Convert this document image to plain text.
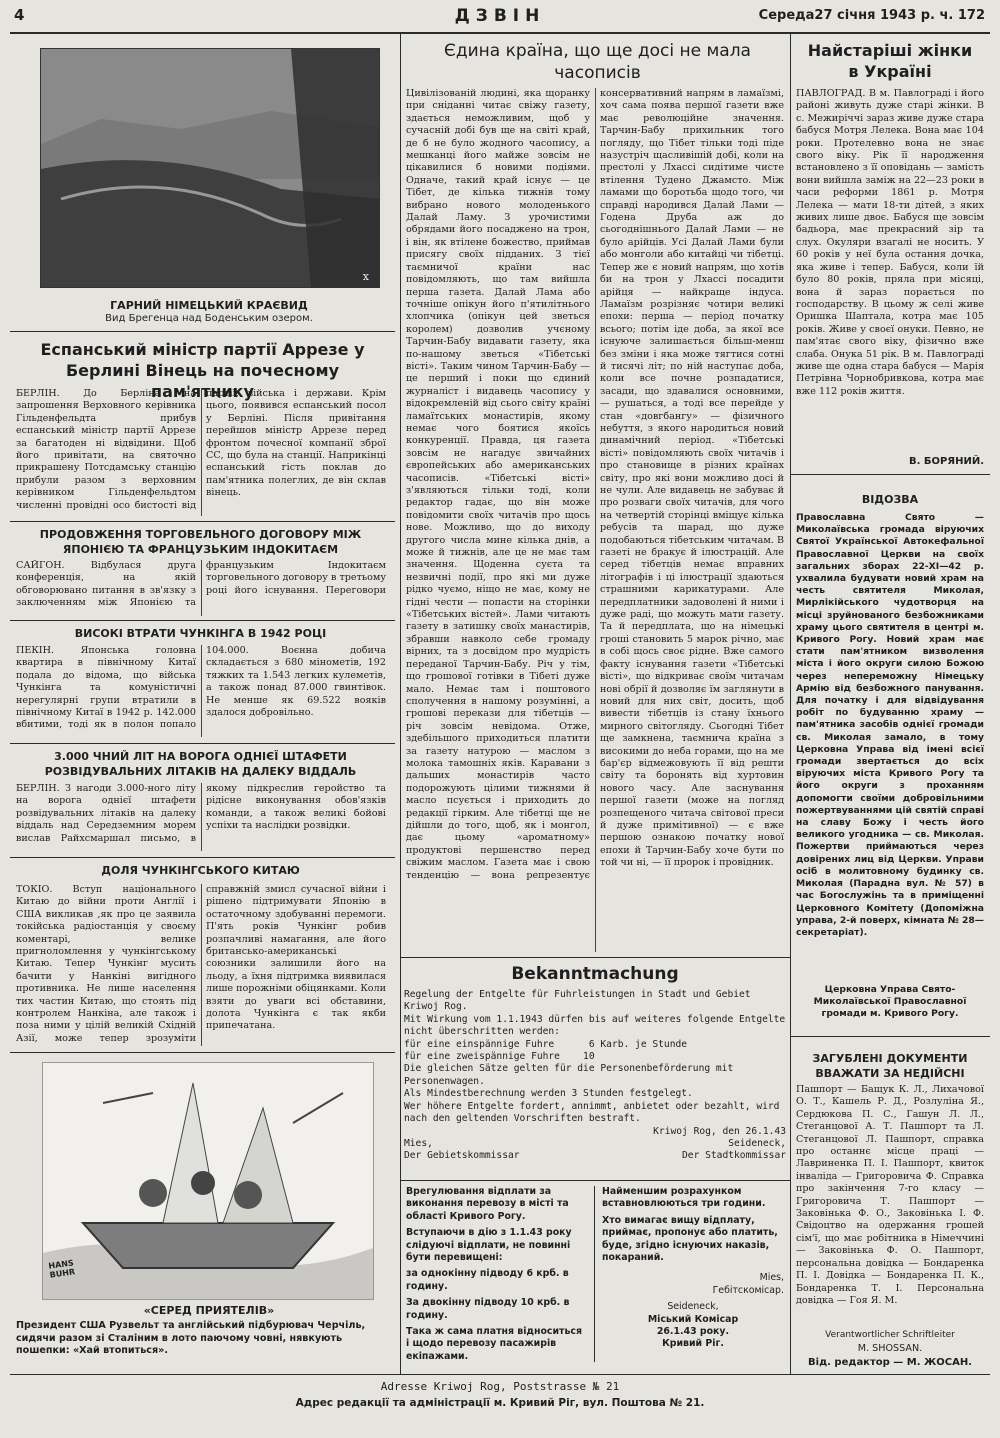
4	ДЗВІН	Середа27 січня 1943 р. ч. 172
x
ГАРНИЙ НІМЕЦЬКИЙ КРАЄВИД
Вид Брегенца над Боденським озером.
Еспанський міністр партії Аррезе у Берлині Вінець на почесному пам'ятнику
БЕРЛІН. До Берліна на запрошення Верховного керівника Гільденфельдта прибув еспанський міністр партії Аррезе за багатоден ні відвідини. Щоб його привітати, на святочно прикрашену Потсдамську станцію прибули разом з верховним керівником Гільденфельдтом численні провідні осо бистості від партії, війська і держави. Крім цього, появився еспанський посол у Берліні. Після привітання перейшов міністр Аррезе перед фронтом почесної компанії зброї СС, що була на станції. Наприкінці еспанський гість поклав до пам'ятника полеглих, де він склав вінець.
ПРОДОВЖЕННЯ ТОРГОВЕЛЬНОГО ДОГОВОРУ МІЖ ЯПОНІЄЮ ТА ФРАНЦУЗЬКИМ ІНДОКИТАЄМ
САЙГОН. Відбулася друга конференція, на якій обговорювано питання в зв'язку з заключенням між Японією та французьким Індокитаєм торговельного договору в третьому році його існування. Переговори
ВИСОКІ ВТРАТИ ЧУНКІНГА В 1942 РОЦІ
ПЕКІН. Японська головна квартира в північному Китаї подала до відома, що війська Чункінга та комуністичні нерегулярні групи втратили в північному Китаї в 1942 р. 142.000 вбитими, тоді як в полон попало 104.000. Воєнна добича складається з 680 мінометів, 192 тяжких та 1.543 легких кулеметів, а також понад 87.000 гвинтівок. Не менше як 69.522 вояків здалося добровільно.
3.000 ЧНИЙ ЛІТ НА ВОРОГА ОДНІЄЇ ШТАФЕТИ РОЗВІДУВАЛЬНИХ ЛІТАКІВ НА ДАЛЕКУ ВІДДАЛЬ
БЕРЛІН. З нагоди 3.000-ного літу на ворога однієї штафети розвідувальних літаків на далеку віддаль над Середземним морем вислав Райхсмаршал письмо, в якому підкреслив геройство та рідісне виконування обов'язків команди, а також великі бойові успіхи та наслідки розвідки.
ДОЛЯ ЧУНКІНГСЬКОГО КИТАЮ
ТОКІО. Вступ національного Китаю до війни проти Англії і США викликав ,як про це заявила токійська радіостанція у своєму коментарі, велике пригноломлення у чункінгському Китаю. Тепер Чункінг мусить бачити у Нанкіні вигідного противника. Не лише населення тих частин Китаю, що стоять під контролем Нанкіна, але також і поза ними у цілій великій Східній Азії, може тепер зрозуміти справжній змисл сучасної війни і рішено підтримувати Японію в остаточному здобуванні перемоги. П'ять років Чункінг робив розпачливі намагання, але його британсько-американські союзники залишили його на льоду, а їхня підтримка виявилася лише порожніми обіцянками. Коли взяти до уваги всі обставини, долота Чункінга є так якби припечатана.
HANS BUHR
«СЕРЕД ПРИЯТЕЛІВ»
Президент США Рузвельт та англійський підбурювач Черчіль, сидячи разом зі Сталіним в лото паючому човні, нявкують пошепки: «Хай втопиться».
Єдина країна, що ще досі не мала часописів
Цивілізованій людині, яка щоранку при сніданні читає свіжу газету, здається неможливим, щоб у сучасній добі був ще на світі край, де б не було жодного часопису, а мешканці його майже зовсім не цікавилися б новими подіями. Одначе, такий край існує — це Тібет, де кілька тижнів тому вибрано нового молоденького Далай Ламу. З урочистими обрядами його посаджено на трон, і він, як втілене божество, приймав присягу своїх підданих. З тієї таємничої країни нас повідомляють, що там вийшла перша газета. Далай Лама або точніше опікун його п'ятилітнього хлопчика (опікун цей зветься королем) дозволив учєному Тарчин-Бабу видавати газету, яка по-нашому зветься «Тібетські вісті». Таким чином Тарчин-Бабу — це перший і поки що єдиний журналіст і видавець часопису у відокремленій від сього світу країні ламаїтських монастирів, якому немає чого боятися якоїсь конкуренції. Правда, ця газета зовсім не нагадує звичайних європейських або американських часописів. «Тібетські вісті» з'являються тільки тоді, коли редактор гадає, що він може повідомити своїх читачів про щось нове. Можливо, що до виходу другого числа мине кілька днів, а може й тижнів, але це не має там значення. Щоденна суєта та незвичні події, про які ми дуже рідко чуємо, ніщо не має, кому не гідні чести — попасти на сторінки «Тібетських вістей». Лами читають газету в затишку своїх манастирів, збравши навколо себе громаду вірних, та з досвідом про мудрість переданої Тарчин-Бабу. Річ у тім, що грошової готівки в Тібеті дуже мало. Немає там і поштового сполучення в нашому розумінні, а грошові перекази для тібетців — річ зовсім невідома. Отже, здебільшого приходиться платити за газету натурою — маслом з молока тамошніх яків. Каравани з дальших монастирів часто подорожують цілими тижнями й масло псується і приходить до редакції гірким. Але тібетці ще не дійшли до того, щоб, як і монгол, дає цьому «ароматному» продуктові першенство перед свіжим маслом. Газета має і свою тенденцію — вона репрезентує консервативний напрям в ламаїзмі, хоч сама поява першої газети вже має революційне значення. Тарчин-Бабу прихильник того погляду, що Тібет тільки тоді піде назустріч щасливішій добі, коли на престолі у Лхассі сидітиме чисте втілення Тудено Джамсто. Між ламами що боротьба щодо того, чи справді народився Далай Лами — Годена Друба аж до сьогоднішнього Далай Лами — не було арійців. Усі Далай Лами були або монголи або китайці чи тібетці. Тепер же є новий напрям, що хотів би на трон у Лхассі посадити арійця — найкраще індуса. Ламаїзм розрізняє чотири великі епохи: перша — період початку всього; потім іде доба, за якої все існуюче залишається більш-менш без зміни і яка може тягтися сотні й тисячі літ; по ній наступає доба, коли все почне розпадатися, засади, що здавалися основними, — рушаться, а тоді все перейде у стан «довгбангу» — фізичного небуття, з якого народиться новий динамічний період. «Тібетські вісті» повідомляють своїх читачів і про становище в різних країнах світу, про які вони можливо досі й не чули. Але видавець не забуває й про розваги своїх читачів, для чого на четвертій сторінці вміщує кілька ребусів та шарад, що дуже подобаються тібетським читачам. В газеті не бракує й ілюстрацій. Але серед тібетців немає вправних літографів і ці ілюстрації здаються страшними карикатурами. Але передплатники задоволені й ними і дуже раді, що можуть мати газету. Та й передплата, що на німецькі гроші становить 5 марок річно, має в собі щось своє рідне. Вже самого факту існування газети «Тібетські вісті», що відкриває своїм читачам нові обрії й дозволяє їм заглянути в новий для них світ, досить, щоб вивести тібетців із стану їхнього мирного світогляду. Сьогодні Тібет ще замкнена, таємнича країна з високими до неба горами, що на ме бар'єр відмежовують її від решти світу та боронять від хуртовин нового часу. Але заснування першої газети (може на погляд розпещеного читача світової преси й дуже примітивної) — є вже першою ознакою початку нової епохи й Тарчин-Бабу хоче бути по той чи ні, — її пророк і провідник.
Bekanntmachung
Regelung der Entgelte für Fuhrleistungen in Stadt und Gebiet Kriwoj Rog.
Mit Wirkung vom 1.1.1943 dürfen bis auf weiteres folgende Entgelte nicht überschritten werden:
für eine einspännige Fuhre      6 Karb. je Stunde
für eine zweispännige Fuhre    10
Die gleichen Sätze gelten für die Personenbeförderung mit Personenwagen.
Als Mindestberechnung werden 3 Stunden festgelegt.
Wer höhere Entgelte fordert, annimmt, anbietet oder bezahlt, wird nach den geltenden Vorschriften bestraft.
Kriwoj Rog, den 26.1.43
Mies,
Der Gebietskommissar
Seideneck,
Der Stadtkommissar
Врегулювання відплати за виконання перевозу в місті та області Кривого Рогу.
Вступаючи в дію з 1.1.43 року слідуючі відплати, не повинні бути перевищені:
за однокінну підводу 6 крб. в годину.
За двокінну підводу 10 крб. в годину.
Така ж сама платня відноситься і щодо перевозу пасажирів екіпажами.
Найменшим розрахунком вставновлюються три години.
Хто вимагає вищу відплату, приймає, пропонує або платить, буде, згідно існуючих наказів, покараний.
Mies,
Гебітскомісар.
Seideneck,
Міський Комісар
26.1.43 року.
Кривий Ріг.
Найстаріші жінки в Україні
ПАВЛОГРАД. В м. Павлограді і його районі живуть дуже старі жінки. В с. Межиріччі зараз живе дуже стара бабуся Мотря Лелека. Вона має 104 роки. Протелевно вона не знає свого віку. Рік її народження встановлено з її оповідань — замість вони вийшла заміж на 22—23 роки в часи реформи 1861 р. Мотря Лелека — мати 18-ти дітей, з яких живих лише двоє. Бабуся ще зовсім бадьора, має прекрасний зір та слух. Окуляри взагалі не носить. У 60 років у неї була остання дочка, яка живе і тепер. Бабуся, коли їй було 80 років, пряла при місяці, вона й зараз порається по господарству. В цьому ж селі живе Оришка Шаптала, котра має 105 років. Живе у своєї онуки. Певно, не пам'ятає свого віку, фізично вже слаба. Онука 51 рік. В м. Павлограді живе ще одна стара бабуся — Марія Петрівна Чорнобривкова, котра має вже 112 років життя.
В. БОРЯНИЙ.
ВІДОЗВА
Православна Свято — Миколаївська громада віруючих Святої Української Автокефальної Православної Церкви на своїх загальних зборах 22-XI—42 р. ухвалила будувати новий храм на честь святителя Миколая, Мирлікійського чудотворця на місці зруйнованого безбожниками храму цього святителя в центрі м. Кривого Рогу. Новий храм має стати пам'ятником визволення міста і його округи силою Божою через непереможну Німецьку Армію від безбожного панування. Для початку і для відвідування робіт по будуванню храму — пам'ятника засобів однієї громади св. Миколая замало, в тому Церковна Управа від імені всієї громади звертається до всіх віруючих міста Кривого Рогу та його округи з проханням допомогти своїми добровільними пожертвуваннями цій святій справі на славу Божу і честь його великого угодника — св. Миколая. Пожертви приймаються через довірених лиц від Церкви. Управи осіб в молитовному будинку св. Миколая (Парадна вул. № 57) в час Богослужінь та в приміщенні Церковного Комітету (Допоміжна управа, 2-й поверх, кімната № 28—секретаріат).
Церковна Управа Свято-Миколаївської Православної громади м. Кривого Рогу.
ЗАГУБЛЕНІ ДОКУМЕНТИ ВВАЖАТИ ЗА НЕДІЙСНІ
Пашпорт — Бащук К. Л., Лихачової О. Т., Кашель Р. Д., Розлуліна Я., Сердюкова П. С., Гашун Л. Л., Стеганцової А. Т. Пашпорт та Л. Стеганцової Л. Пашпорт, справка про останнє місце праці — Лавриненка П. І. Пашпорт, квиток інваліда — Григоровича Ф. Справка про закінчення 7-го класу — Григоровича Т. Пашпорт — Заковінька Ф. О., Заковінька І. Ф. Свідоцтво на одержання грошей сім'ї, що має робітника в Німеччині — Заковінька Ф. О. Пашпорт, персональна довідка — Бондаренка П. І. Довідка — Бондаренка П. К., Бондаренка Т. І. Персональна довідка — Гоя Я. М.
Verantwortlicher Schriftleiter
M. SHOSSAN.
Від. редактор — М. ЖОСАН.
Adresse Kriwoj Rog, Poststrasse № 21
Адрес редакції та адміністрації м. Кривий Ріг, вул. Поштова № 21.
